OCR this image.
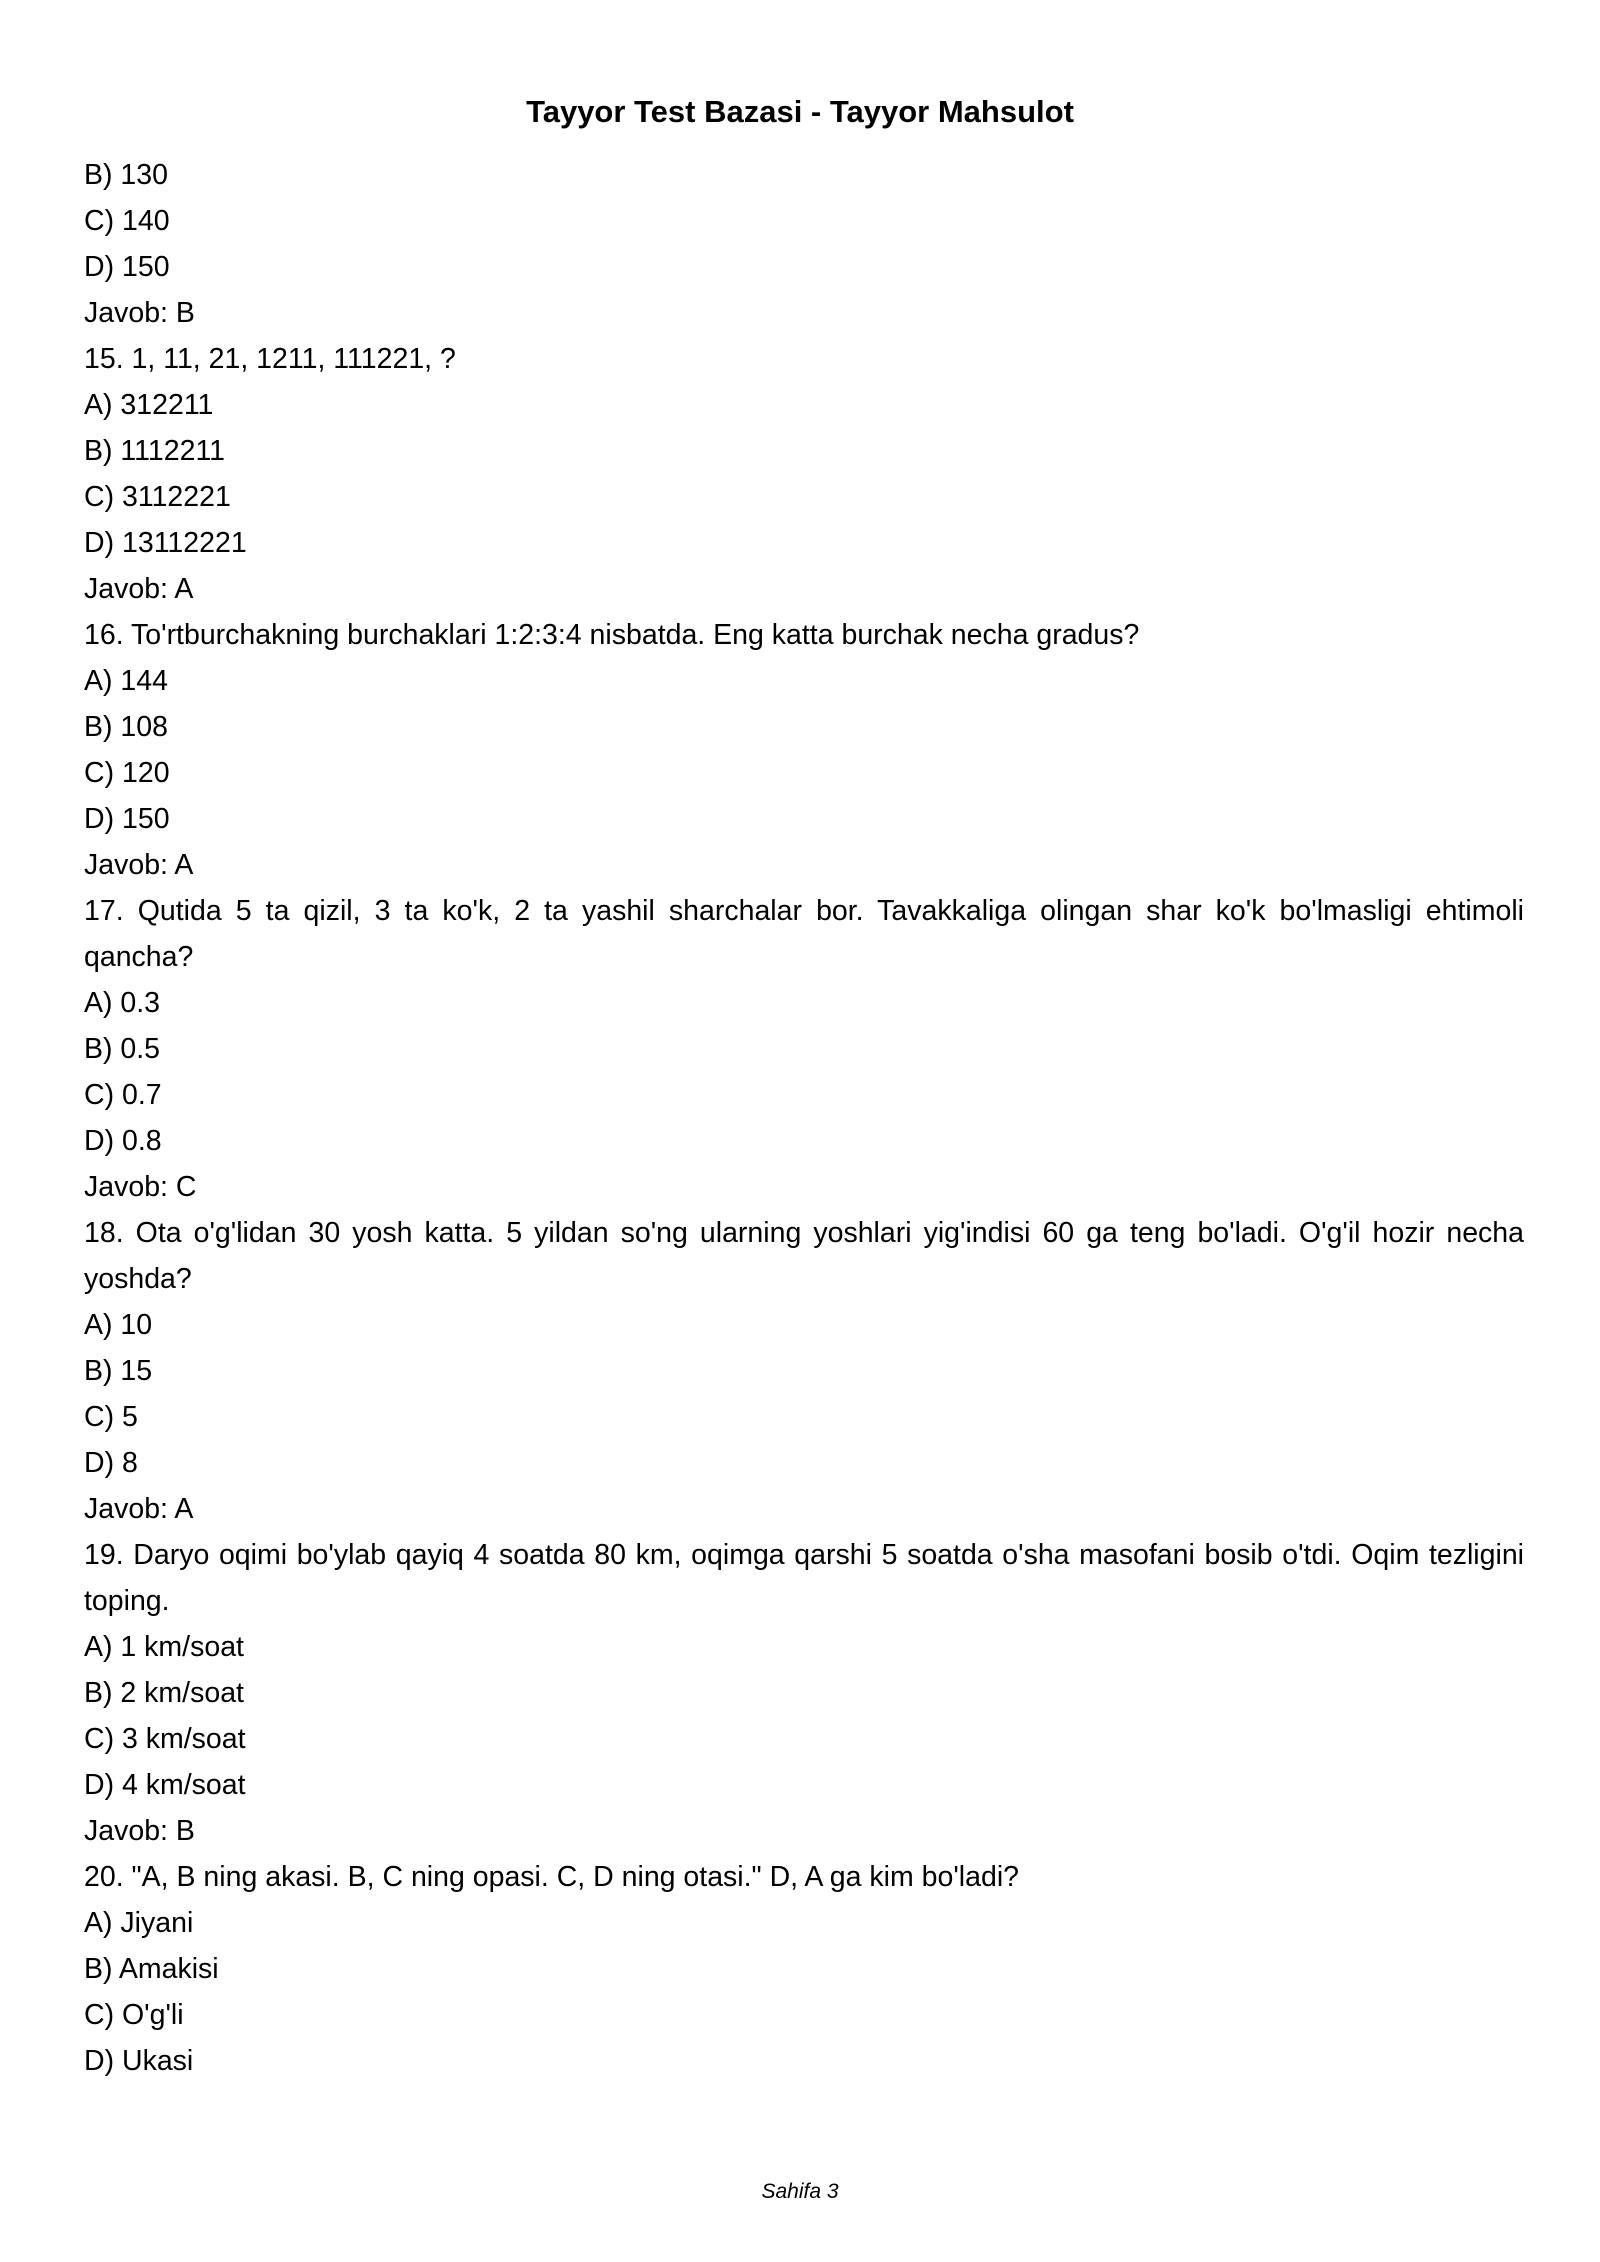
Tayyor Test Bazasi - Tayyor Mahsulot

B) 130

C) 140

D) 150

Javob: B

15. 1, 11, 21, 1211, 111221, ?

A) 312211

B) 1112211

C) 3112221

D) 13112221

Javob: A

16. To'rtburchakning burchaklari 1:2:3:4 nisbatda. Eng katta burchak necha gradus?

A) 144

B) 108

C) 120

D) 150

Javob: A

17. Qutida 5 ta qizil, 3 ta ko'k, 2 ta yashil sharchalar bor. Tavakkaliga olingan shar ko'k bo'lmasligi ehtimoli qancha?

A) 0.3

B) 0.5

C) 0.7

D) 0.8

Javob: C

18. Ota o'g'lidan 30 yosh katta. 5 yildan so'ng ularning yoshlari yig'indisi 60 ga teng bo'ladi. O'g'il hozir necha yoshda?

A) 10

B) 15

C) 5

D) 8

Javob: A

19. Daryo oqimi bo'ylab qayiq 4 soatda 80 km, oqimga qarshi 5 soatda o'sha masofani bosib o'tdi. Oqim tezligini toping.

A) 1 km/soat

B) 2 km/soat

C) 3 km/soat

D) 4 km/soat

Javob: B

20. "A, B ning akasi. B, C ning opasi. C, D ning otasi." D, A ga kim bo'ladi?

A) Jiyani

B) Amakisi

C) O'g'li

D) Ukasi

Sahifa 3
